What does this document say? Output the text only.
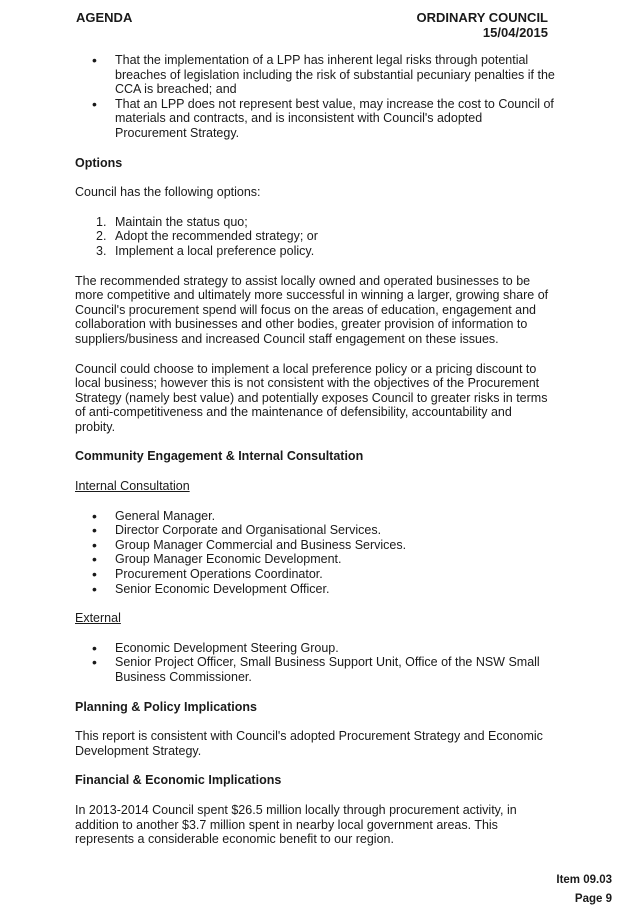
AGENDA	ORDINARY COUNCIL
15/04/2015
• That the implementation of a LPP has inherent legal risks through potential breaches of legislation including the risk of substantial pecuniary penalties if the CCA is breached; and
• That an LPP does not represent best value, may increase the cost to Council of materials and contracts, and is inconsistent with Council's adopted Procurement Strategy.
Options

Council has the following options:

1. Maintain the status quo;
2. Adopt the recommended strategy; or
3. Implement a local preference policy.

The recommended strategy to assist locally owned and operated businesses to be more competitive and ultimately more successful in winning a larger, growing share of Council's procurement spend will focus on the areas of education, engagement and collaboration with businesses and other bodies, greater provision of information to suppliers/business and increased Council staff engagement on these issues.

Council could choose to implement a local preference policy or a pricing discount to local business; however this is not consistent with the objectives of the Procurement Strategy (namely best value) and potentially exposes Council to greater risks in terms of anti-competitiveness and the maintenance of defensibility, accountability and probity.

Community Engagement & Internal Consultation

Internal Consultation

• General Manager.
• Director Corporate and Organisational Services.
• Group Manager Commercial and Business Services.
• Group Manager Economic Development.
• Procurement Operations Coordinator.
• Senior Economic Development Officer.

External

• Economic Development Steering Group.
• Senior Project Officer, Small Business Support Unit, Office of the NSW Small Business Commissioner.
Planning & Policy Implications

This report is consistent with Council's adopted Procurement Strategy and Economic Development Strategy.

Financial & Economic Implications

In 2013-2014 Council spent $26.5 million locally through procurement activity, in addition to another $3.7 million spent in nearby local government areas. This represents a considerable economic benefit to our region.

Item 09.03
Page 9
